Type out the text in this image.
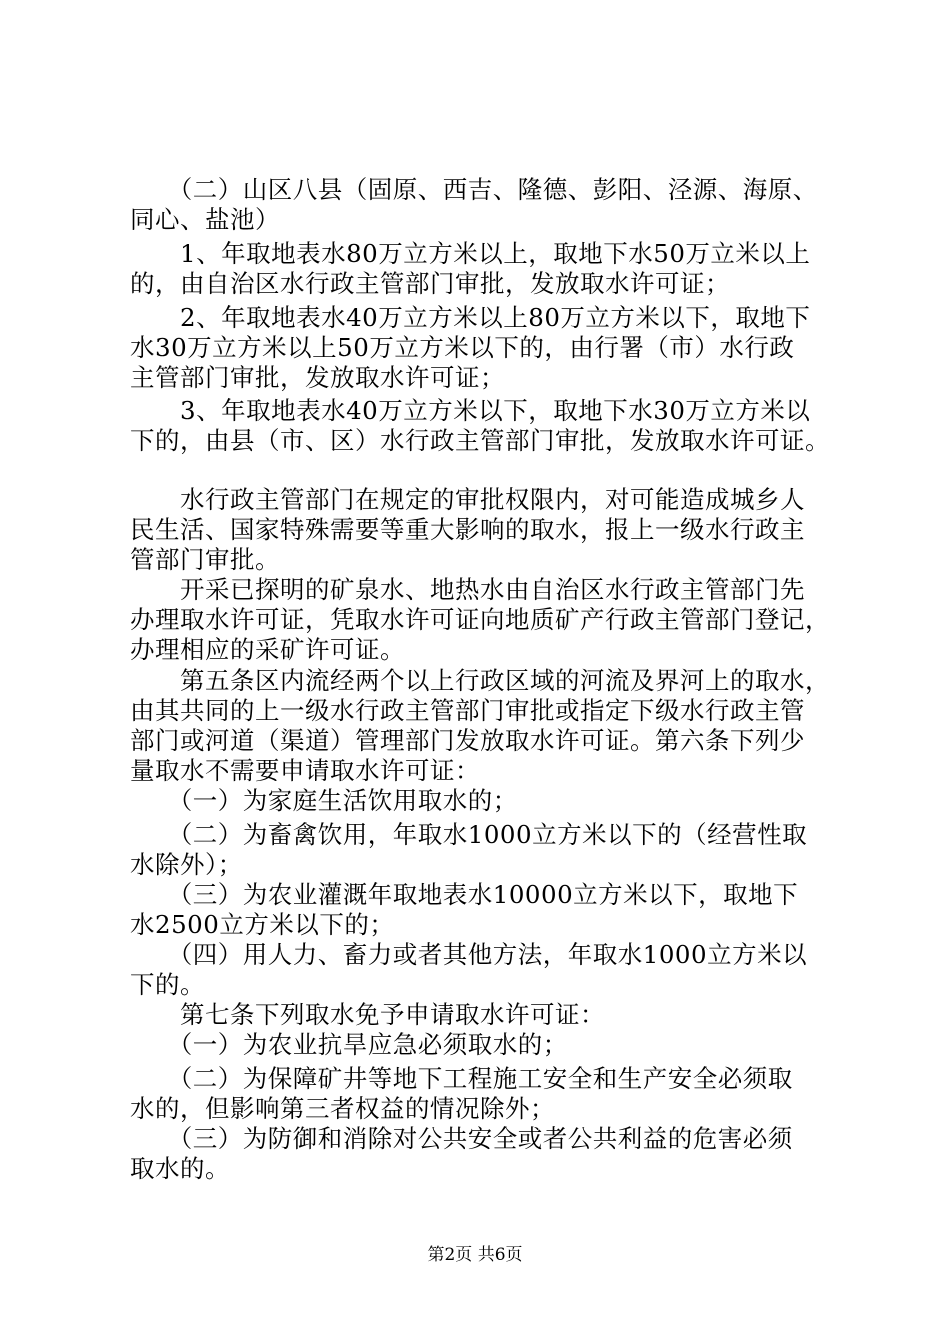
　　（二）山区八县（固原、西吉、隆德、彭阳、泾源、海原、
同心、盐池）
　　1、年取地表水80万立方米以上，取地下水50万立米以上
的，由自治区水行政主管部门审批，发放取水许可证；
　　2、年取地表水40万立方米以上80万立方米以下，取地下
水30万立方米以上50万立方米以下的，由行署（市）水行政
主管部门审批，发放取水许可证；
　　3、年取地表水40万立方米以下，取地下水30万立方米以
下的，由县（市、区）水行政主管部门审批，发放取水许可证。
　　水行政主管部门在规定的审批权限内，对可能造成城乡人
民生活、国家特殊需要等重大影响的取水，报上一级水行政主
管部门审批。
　　开采已探明的矿泉水、地热水由自治区水行政主管部门先
办理取水许可证，凭取水许可证向地质矿产行政主管部门登记，
办理相应的采矿许可证。
　　第五条区内流经两个以上行政区域的河流及界河上的取水，
由其共同的上一级水行政主管部门审批或指定下级水行政主管
部门或河道（渠道）管理部门发放取水许可证。第六条下列少
量取水不需要申请取水许可证：
　　（一）为家庭生活饮用取水的；
　　（二）为畜禽饮用，年取水1000立方米以下的（经营性取
水除外）；
　　（三）为农业灌溉年取地表水10000立方米以下，取地下
水2500立方米以下的；
　　（四）用人力、畜力或者其他方法，年取水1000立方米以
下的。
　　第七条下列取水免予申请取水许可证：
　　（一）为农业抗旱应急必须取水的；
　　（二）为保障矿井等地下工程施工安全和生产安全必须取
水的，但影响第三者权益的情况除外；
　　（三）为防御和消除对公共安全或者公共利益的危害必须
取水的。
第2页 共6页
